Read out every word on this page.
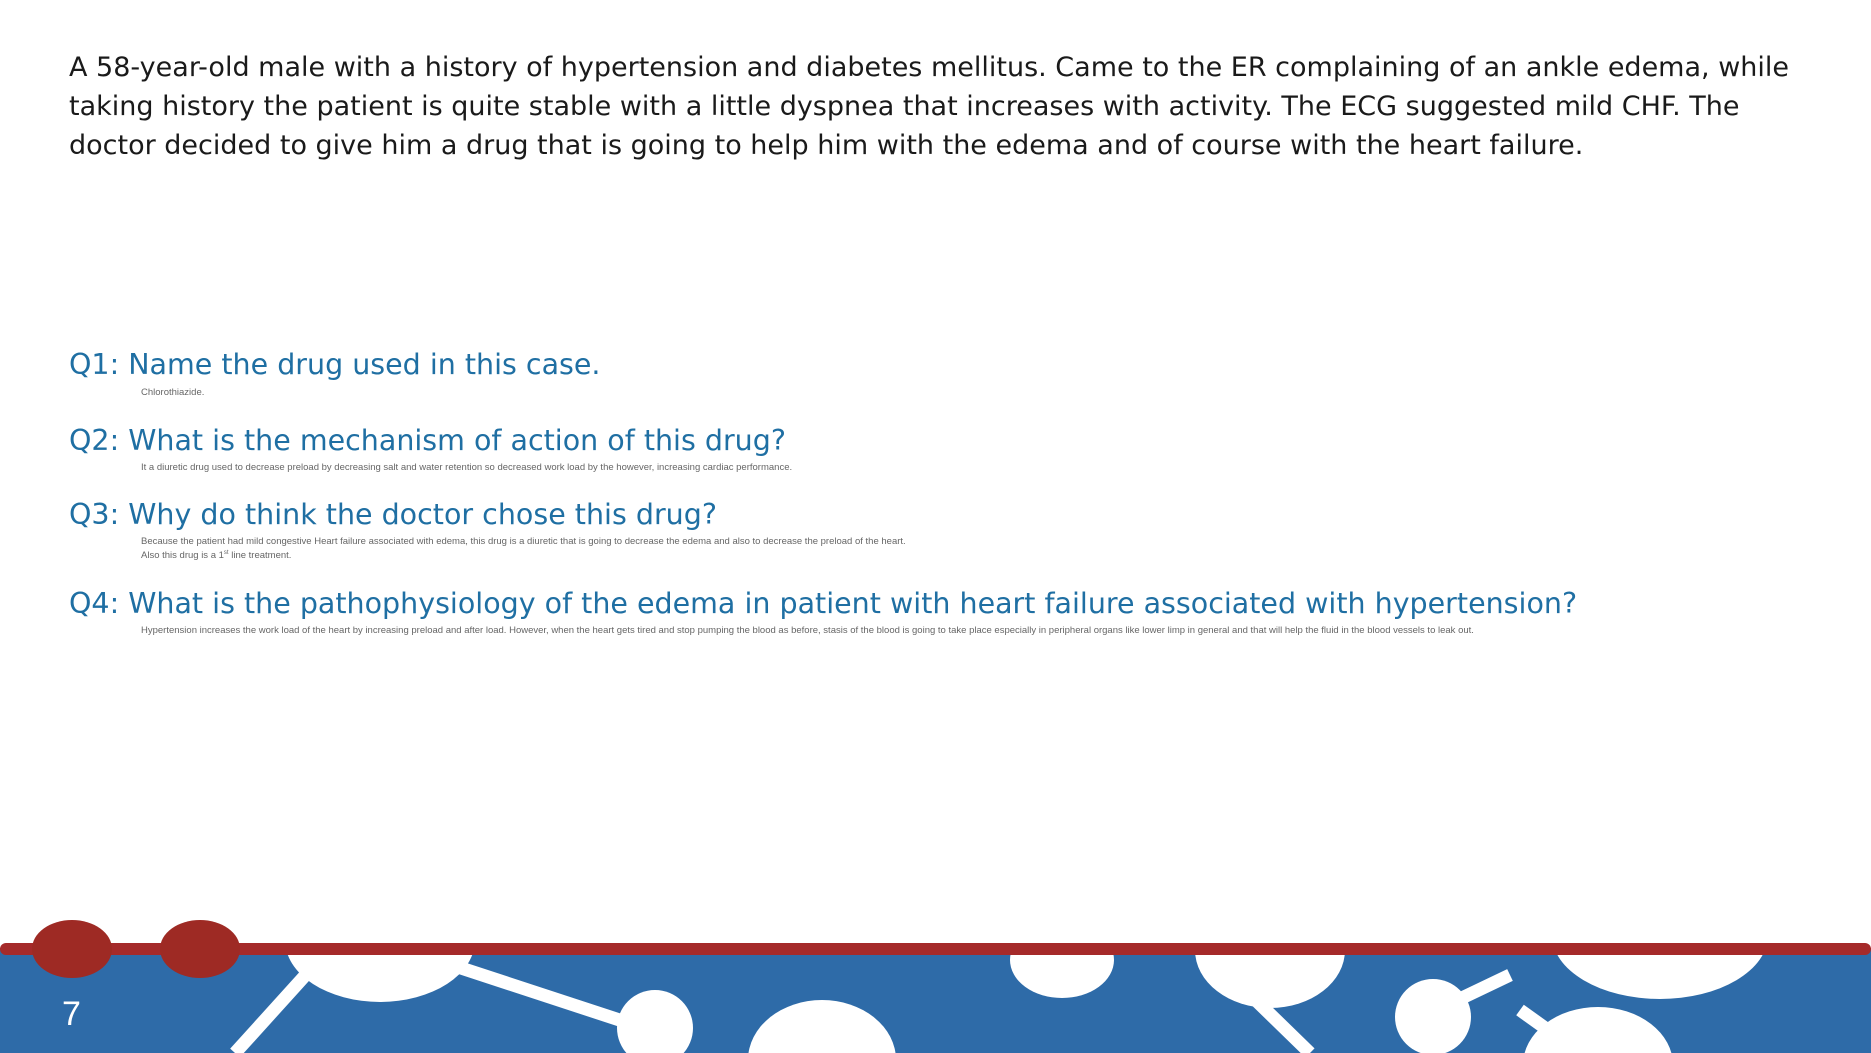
A 58-year-old male with a history of hypertension and diabetes mellitus. Came to the ER complaining of an ankle edema, while taking history the patient is quite stable with a little dyspnea that increases with activity. The ECG suggested mild CHF. The doctor decided to give him a drug that is going to help him with the edema and of course with the heart failure.

Q1: Name the drug used in this case.

Chlorothiazide.

Q2: What is the mechanism of action of this drug?

It a diuretic drug used to decrease preload by decreasing salt and water retention so decreased work load by the however, increasing cardiac performance.

Q3: Why do think the doctor chose this drug?

Because the patient had mild congestive Heart failure associated with edema, this drug is a diuretic that is going to decrease the edema and also to decrease the preload of the heart.
Also this drug is a 1st line treatment.

Q4: What is the pathophysiology of the edema in patient with heart failure associated with hypertension?

Hypertension increases the work load of the heart by increasing preload and after load. However, when the heart gets tired and stop pumping the blood as before, stasis of the blood is going to take place especially in peripheral organs like lower limp in general and that will help the fluid in the blood vessels to leak out.

7
